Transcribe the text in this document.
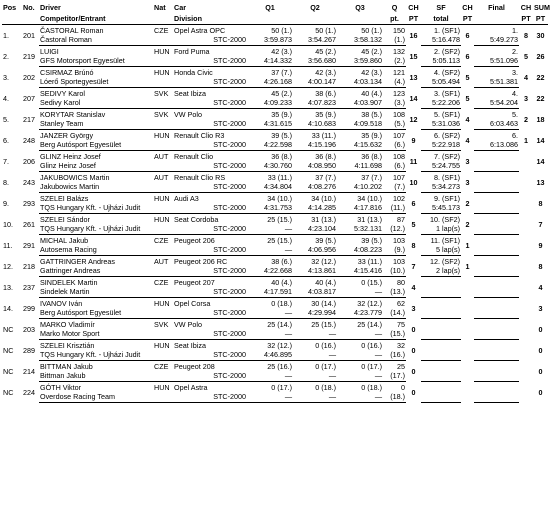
Pos	No.	Driver	Nat	Car	Q1	Q2	Q3	Q	CH	SF	CH	Final	CH	SUM
		Competitor/Entrant		Division				pt.	PT	total	PT		PT	PT
1.	201	ČASTORAL Roman	CZE	Opel Astra OPC	50 (1.)	50 (1.)	50 (1.)	150	16	1. (SF1)	6	1.	8	30
		Častoral Roman		STC-2000	3:59.873	3:54.267	3:58.132	(1.)		5:16.478		5:49.273		
2.	219	LUIGI	HUN	Ford Puma	42 (3.)	45 (2.)	45 (2.)	132	15	2. (SF2)	6	2.	5	26
		GFS Motorsport Egyesület		STC-2000	4:14.332	3:56.680	3:59.860	(2.)		5:05.113		5:51.096		
3.	202	CSIRMAZ Brúnó	HUN	Honda Civic	37 (7.)	42 (3.)	42 (3.)	121	13	4. (SF2)	5	3.	4	22
		Lóerő Sportegyesület		STC-2000	4:26.168	4:00.147	4:03.134	(4.)		5:05.494		5:51.381		
4.	207	SEDIVY Karol	SVK	Seat Ibiza	45 (2.)	38 (6.)	40 (4.)	123	14	3. (SF1)	5	4.	3	22
		Sedivy Karol		STC-2000	4:09.233	4:07.823	4:03.907	(3.)		5:22.206		5:54.204		
5.	217	KORYTAR Stanislav	SVK	VW Polo	35 (9.)	35 (9.)	38 (5.)	108	12	5. (SF1)	4	5.	2	18
		Stanley Team		STC-2000	4:31.615	4:10.683	4:09.518	(5.)		5:31.036		6:03.463		
6.	248	JANZER György	HUN	Renault Clio R3	39 (5.)	33 (11.)	35 (9.)	107	9	6. (SF2)	4	6.	1	14
		Berg Autósport Egyesület		STC-2000	4:22.598	4:15.196	4:15.632	(6.)		5:22.918		6:13.086		
7.	206	GLINZ Heinz Josef	AUT	Renault Clio	36 (8.)	36 (8.)	36 (8.)	108	11	7. (SF2)	3			14
		Glinz Heinz Josef		STC-2000	4:30.760	4:08.950	4:11.698	(6.)		5:24.755				
8.	243	JAKUBOWICS Martin	AUT	Renault Clio RS	33 (11.)	37 (7.)	37 (7.)	107	10	8. (SF1)	3			13
		Jakubowics Martin		STC-2000	4:34.804	4:08.276	4:10.202	(7.)		5:34.273				
9.	293	SZELEI Balázs	HUN	Audi A3	34 (10.)	34 (10.)	34 (10.)	102	6	9. (SF1)	2			8
		TQS Hungary Kft. - Ujházi Judit		STC-2000	4:31.753	4:14.285	4:17.816	(11.)		5:45.173				
10.	261	SZELEI Sándor	HUN	Seat Cordoba	25 (15.)	31 (13.)	31 (13.)	87	5	10. (SF2)	2			7
		TQS Hungary Kft. - Ujházi Judit		STC-2000	—	4:23.104	5:32.131	(12.)		1 lap(s)				
11.	291	MICHAL Jakub	CZE	Peugeot 206	25 (15.)	39 (5.)	39 (5.)	103	8	11. (SF1)	1			9
		Autosema Racing		STC-2000	—	4:06.956	4:08.223	(9.)		5 lap(s)				
12.	218	GATTRINGER Andreas	AUT	Peugeot 206 RC	38 (6.)	32 (12.)	33 (11.)	103	7	12. (SF2)	1			8
		Gattringer Andreas		STC-2000	4:22.668	4:13.861	4:15.416	(10.)		2 lap(s)				
13.	237	SINDELEK Martin	CZE	Peugeot 207	40 (4.)	40 (4.)	0 (15.)	80	4					4
		Sindelek Martin		STC-2000	4:17.591	4:03.817	—	(13.)						
14.	299	IVANOV Iván	HUN	Opel Corsa	0 (18.)	30 (14.)	32 (12.)	62	3					3
		Berg Autósport Egyesület		STC-2000	—	4:29.994	4:23.779	(14.)						
NC	203	MARKO Vladimír	SVK	VW Polo	25 (14.)	25 (15.)	25 (14.)	75	0					0
		Marko Motor Sport		STC-2000	—	—	—	(15.)						
NC	289	SZELEI Krisztián	HUN	Seat Ibiza	32 (12.)	0 (16.)	0 (16.)	32	0					0
		TQS Hungary Kft. - Ujházi Judit		STC-2000	4:46.895	—	—	(16.)						
NC	214	BITTMAN Jakub	CZE	Peugeot 208	25 (16.)	0 (17.)	0 (17.)	25	0					0
		Bittman Jakub		STC-2000	—	—	—	(17.)						
NC	224	GÓTH Viktor	HUN	Opel Astra	0 (17.)	0 (18.)	0 (18.)	0	0					0
		Overdose Racing Team		STC-2000	—	—	—	(18.)						
